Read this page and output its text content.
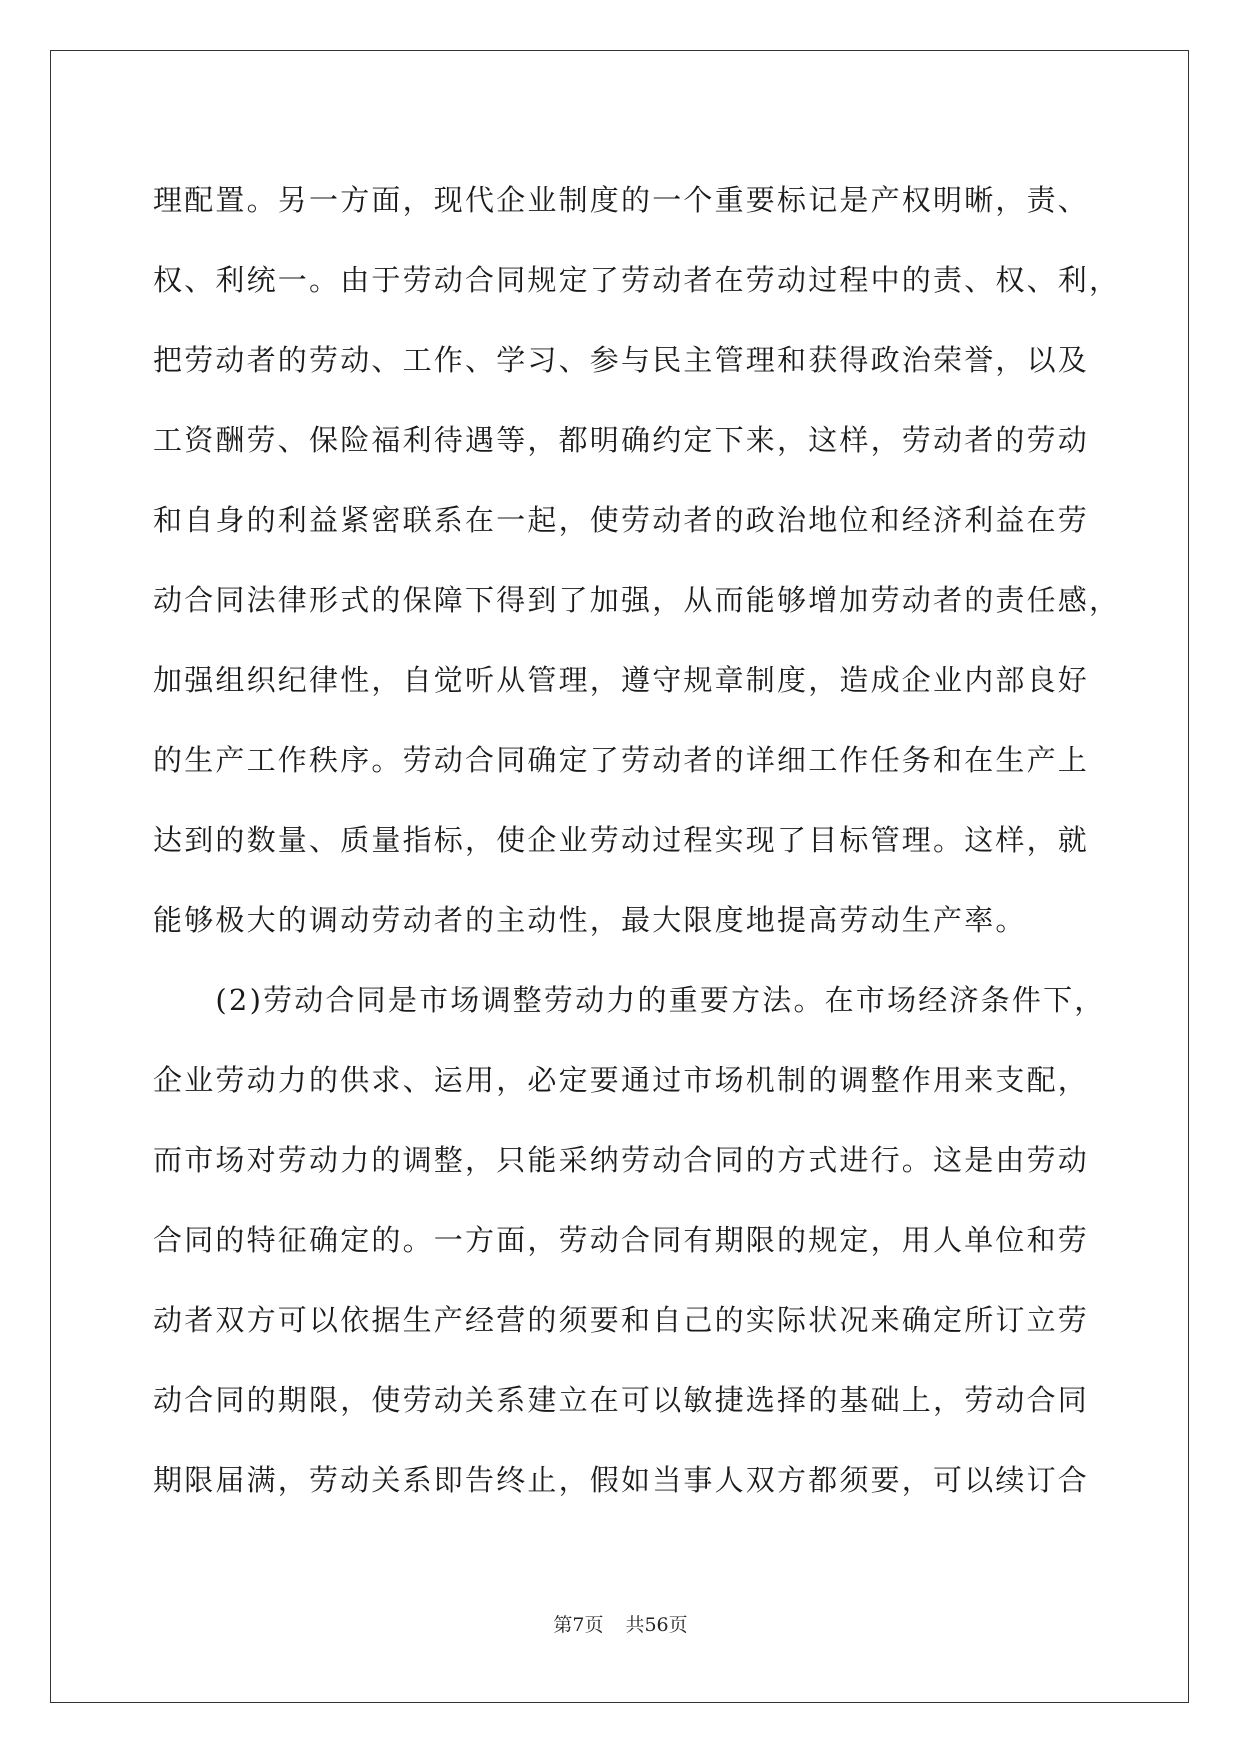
理配置。另一方面，现代企业制度的一个重要标记是产权明晰，责、
权、利统一。由于劳动合同规定了劳动者在劳动过程中的责、权、利，
把劳动者的劳动、工作、学习、参与民主管理和获得政治荣誉，以及
工资酬劳、保险福利待遇等，都明确约定下来，这样，劳动者的劳动
和自身的利益紧密联系在一起，使劳动者的政治地位和经济利益在劳
动合同法律形式的保障下得到了加强，从而能够增加劳动者的责任感，
加强组织纪律性，自觉听从管理，遵守规章制度，造成企业内部良好
的生产工作秩序。劳动合同确定了劳动者的详细工作任务和在生产上
达到的数量、质量指标，使企业劳动过程实现了目标管理。这样，就
能够极大的调动劳动者的主动性，最大限度地提高劳动生产率。
　　(2)劳动合同是市场调整劳动力的重要方法。在市场经济条件下，
企业劳动力的供求、运用，必定要通过市场机制的调整作用来支配，
而市场对劳动力的调整，只能采纳劳动合同的方式进行。这是由劳动
合同的特征确定的。一方面，劳动合同有期限的规定，用人单位和劳
动者双方可以依据生产经营的须要和自己的实际状况来确定所订立劳
动合同的期限，使劳动关系建立在可以敏捷选择的基础上，劳动合同
期限届满，劳动关系即告终止，假如当事人双方都须要，可以续订合
第7页 共56页
